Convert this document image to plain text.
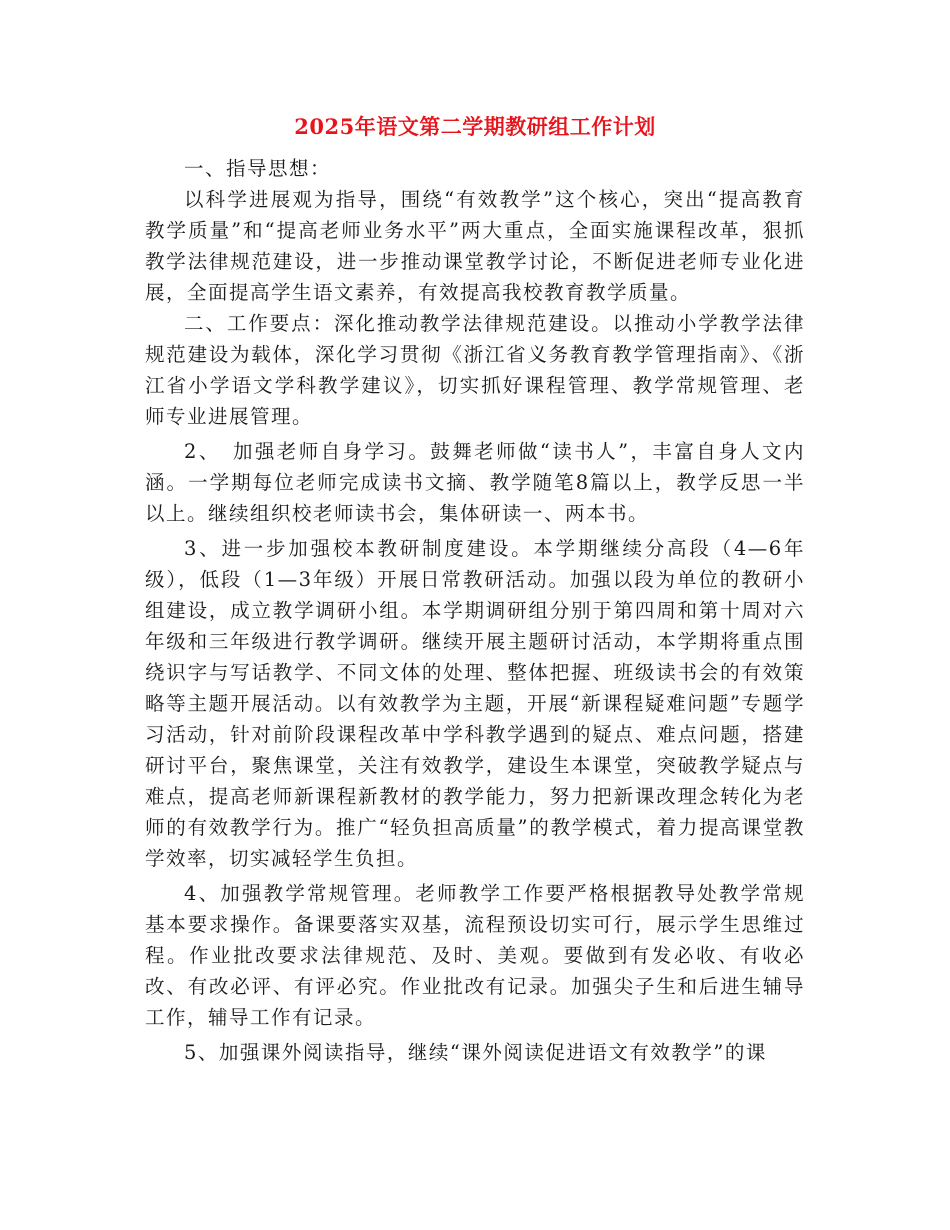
2025年语文第二学期教研组工作计划

一、指导思想：

以科学进展观为指导，围绕“有效教学”这个核心，突出“提高教育教学质量”和“提高老师业务水平”两大重点，全面实施课程改革，狠抓教学法律规范建设，进一步推动课堂教学讨论，不断促进老师专业化进展，全面提高学生语文素养，有效提高我校教育教学质量。

二、工作要点：深化推动教学法律规范建设。以推动小学教学法律规范建设为载体，深化学习贯彻《浙江省义务教育教学管理指南》、《浙江省小学语文学科教学建议》，切实抓好课程管理、教学常规管理、老师专业进展管理。

2、　加强老师自身学习。鼓舞老师做“读书人”，丰富自身人文内涵。一学期每位老师完成读书文摘、教学随笔8篇以上，教学反思一半以上。继续组织校老师读书会，集体研读一、两本书。

3、进一步加强校本教研制度建设。本学期继续分高段（4—6年级），低段（1—3年级）开展日常教研活动。加强以段为单位的教研小组建设，成立教学调研小组。本学期调研组分别于第四周和第十周对六年级和三年级进行教学调研。继续开展主题研讨活动，本学期将重点围绕识字与写话教学、不同文体的处理、整体把握、班级读书会的有效策略等主题开展活动。以有效教学为主题，开展“新课程疑难问题”专题学习活动，针对前阶段课程改革中学科教学遇到的疑点、难点问题，搭建研讨平台，聚焦课堂，关注有效教学，建设生本课堂，突破教学疑点与难点，提高老师新课程新教材的教学能力，努力把新课改理念转化为老师的有效教学行为。推广“轻负担高质量”的教学模式，着力提高课堂教学效率，切实减轻学生负担。

4、加强教学常规管理。老师教学工作要严格根据教导处教学常规基本要求操作。备课要落实双基，流程预设切实可行，展示学生思维过程。作业批改要求法律规范、及时、美观。要做到有发必收、有收必改、有改必评、有评必究。作业批改有记录。加强尖子生和后进生辅导工作，辅导工作有记录。

5、加强课外阅读指导，继续“课外阅读促进语文有效教学”的课
